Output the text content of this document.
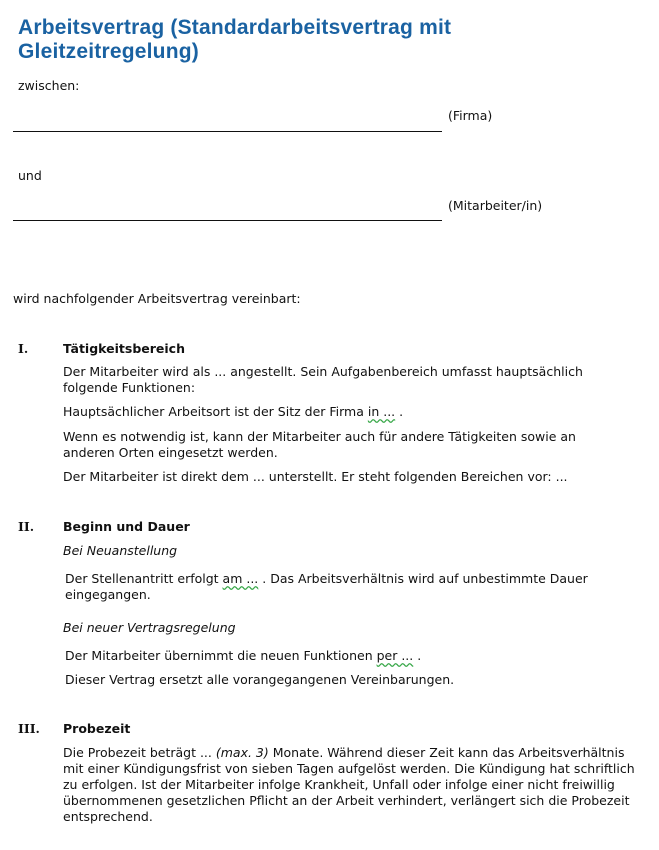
Arbeitsvertrag (Standardarbeitsvertrag mit Gleitzeitregelung)
zwischen:
(Firma)
und
(Mitarbeiter/in)
wird nachfolgender Arbeitsvertrag vereinbart:
I.	Tätigkeitsbereich

Der Mitarbeiter wird als ... angestellt. Sein Aufgabenbereich umfasst hauptsächlich folgende Funktionen:

Hauptsächlicher Arbeitsort ist der Sitz der Firma in ... .

Wenn es notwendig ist, kann der Mitarbeiter auch für andere Tätigkeiten sowie an anderen Orten eingesetzt werden.

Der Mitarbeiter ist direkt dem ... unterstellt. Er steht folgenden Bereichen vor: ...

II. Beginn und Dauer
Bei Neuanstellung

Der Stellenantritt erfolgt am ... . Das Arbeitsverhältnis wird auf unbestimmte Dauer eingegangen.

Bei neuer Vertragsregelung

Der Mitarbeiter übernimmt die neuen Funktionen per ... .

Dieser Vertrag ersetzt alle vorangegangenen Vereinbarungen.

III. Probezeit

Die Probezeit beträgt ... (max. 3) Monate. Während dieser Zeit kann das Arbeitsverhältnis mit einer Kündigungsfrist von sieben Tagen aufgelöst werden. Die Kündigung hat schriftlich zu erfolgen. Ist der Mitarbeiter infolge Krankheit, Unfall oder infolge einer nicht freiwillig übernommenen gesetzlichen Pflicht an der Arbeit verhindert, verlängert sich die Probezeit entsprechend.
